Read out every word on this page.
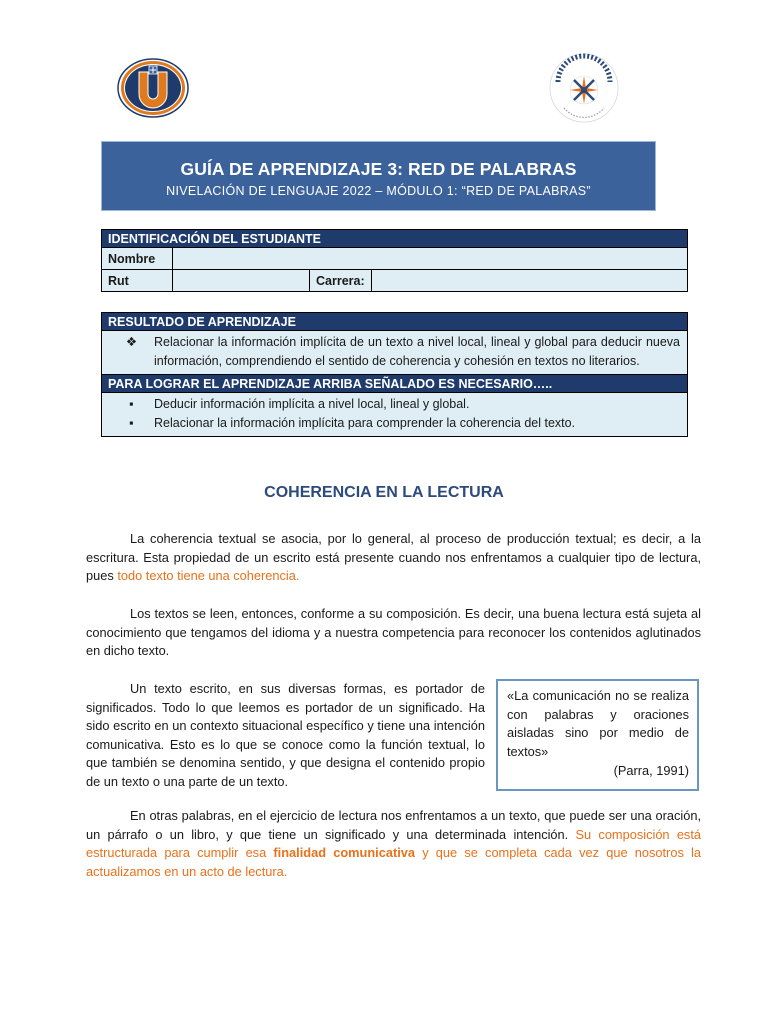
GUÍA DE APRENDIZAJE 3: RED DE PALABRAS
NIVELACIÓN DE LENGUAJE 2022 – MÓDULO 1: “RED DE PALABRAS”
IDENTIFICACIÓN DEL ESTUDIANTE			
Nombre			
Rut		Carrera:	
RESULTADO DE APRENDIZAJE

❖	Relacionar la información implícita de un texto a nivel local, lineal y global para deducir nueva información, comprendiendo el sentido de coherencia y cohesión en textos no literarios.

PARA LOGRAR EL APRENDIZAJE ARRIBA SEÑALADO ES NECESARIO…..

▪	Deducir información implícita a nivel local, lineal y global.
▪	Relacionar la información implícita para comprender la coherencia del texto.
COHERENCIA EN LA LECTURA

La coherencia textual se asocia, por lo general, al proceso de producción textual; es decir, a la escritura. Esta propiedad de un escrito está presente cuando nos enfrentamos a cualquier tipo de lectura, pues todo texto tiene una coherencia.

Los textos se leen, entonces, conforme a su composición. Es decir, una buena lectura está sujeta al conocimiento que tengamos del idioma y a nuestra competencia para reconocer los contenidos aglutinados en dicho texto.

Un texto escrito, en sus diversas formas, es portador de significados. Todo lo que leemos es portador de un significado. Ha sido escrito en un contexto situacional específico y tiene una intención comunicativa. Esto es lo que se conoce como la función textual, lo que también se denomina sentido, y que designa el contenido propio de un texto o una parte de un texto.

«La comunicación no se realiza con palabras y oraciones aisladas sino por medio de textos»
(Parra, 1991)

En otras palabras, en el ejercicio de lectura nos enfrentamos a un texto, que puede ser una oración, un párrafo o un libro, y que tiene un significado y una determinada intención. Su composición está estructurada para cumplir esa finalidad comunicativa y que se completa cada vez que nosotros la actualizamos en un acto de lectura.
